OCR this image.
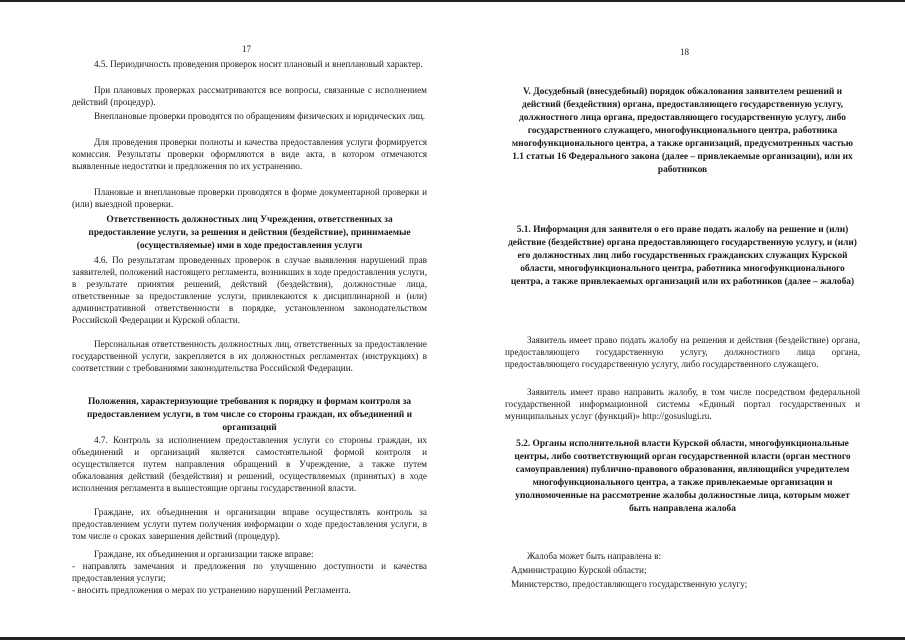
17
4.5. Периодичность проведения проверок носит плановый и внеплановый характер.
При плановых проверках рассматриваются все вопросы, связанные с исполнением действий (процедур).
Внеплановые проверки проводятся по обращениям физических и юридических лиц.
Для проведения проверки полноты и качества предоставления услуги формируется комиссия. Результаты проверки оформляются в виде акта, в котором отмечаются выявленные недостатки и предложения по их устранению.
Плановые и внеплановые проверки проводятся в форме документарной проверки и (или) выездной проверки.
Ответственность должностных лиц Учреждения, ответственных за предоставление услуги, за решения и действия (бездействие), принимаемые (осуществляемые) ими в ходе предоставления услуги
4.6. По результатам проведенных проверок в случае выявления нарушений прав заявителей, положений настоящего регламента, возникших в ходе предоставления услуги, в результате принятия решений, действий (бездействия), должностные лица, ответственные за предоставление услуги, привлекаются к дисциплинарной и (или) административной ответственности в порядке, установленном законодательством Российской Федерации и Курской области.
Персональная ответственность должностных лиц, ответственных за предоставление государственной услуги, закрепляется в их должностных регламентах (инструкциях) в соответствии с требованиями законодательства Российской Федерации.
Положения, характеризующие требования к порядку и формам контроля за предоставлением услуги, в том числе со стороны граждан, их объединений и организаций
4.7. Контроль за исполнением предоставления услуги со стороны граждан, их объединений и организаций является самостоятельной формой контроля и осуществляется путем направления обращений в Учреждение, а также путем обжалования действий (бездействия) и решений, осуществляемых (принятых) в ходе исполнения регламента в вышестоящие органы государственной власти.
Граждане, их объединения и организации вправе осуществлять контроль за предоставлением услуги путем получения информации о ходе предоставления услуги, в том числе о сроках завершения действий (процедур).
Граждане, их объединения и организации также вправе:
- направлять замечания и предложения по улучшению доступности и качества предоставления услуги;
- вносить предложения о мерах по устранению нарушений Регламента.
18
V. Досудебный (внесудебный) порядок обжалования заявителем решений и действий (бездействия) органа, предоставляющего государственную услугу, должностного лица органа, предоставляющего государственную услугу, либо государственного служащего, многофункционального центра, работника многофункционального центра, а также организаций, предусмотренных частью 1.1 статьи 16 Федерального закона (далее – привлекаемые организации), или их работников
5.1. Информация для заявителя о его праве подать жалобу на решение и (или) действие (бездействие) органа предоставляющего государственную услугу, и (или) его должностных лиц либо государственных гражданских служащих Курской области, многофункционального центра, работника многофункционального центра, а также привлекаемых организаций или их работников (далее – жалоба)
Заявитель имеет право подать жалобу на решения и действия (бездействие) органа, предоставляющего государственную услугу, должностного лица органа, предоставляющего государственную услугу, либо государственного служащего.
Заявитель имеет право направить жалобу, в том числе посредством федеральной государственной информационной системы «Единый портал государственных и муниципальных услуг (функций)» http://gosuslugi.ru.
5.2. Органы исполнительной власти Курской области, многофункциональные центры, либо соответствующий орган государственной власти (орган местного самоуправления) публично-правового образования, являющийся учредителем многофункционального центра, а также привлекаемые организации и уполномоченные на рассмотрение жалобы должностные лица, которым может быть направлена жалоба
Жалоба может быть направлена в:
Администрацию Курской области;
Министерство, предоставляющего государственную услугу;
